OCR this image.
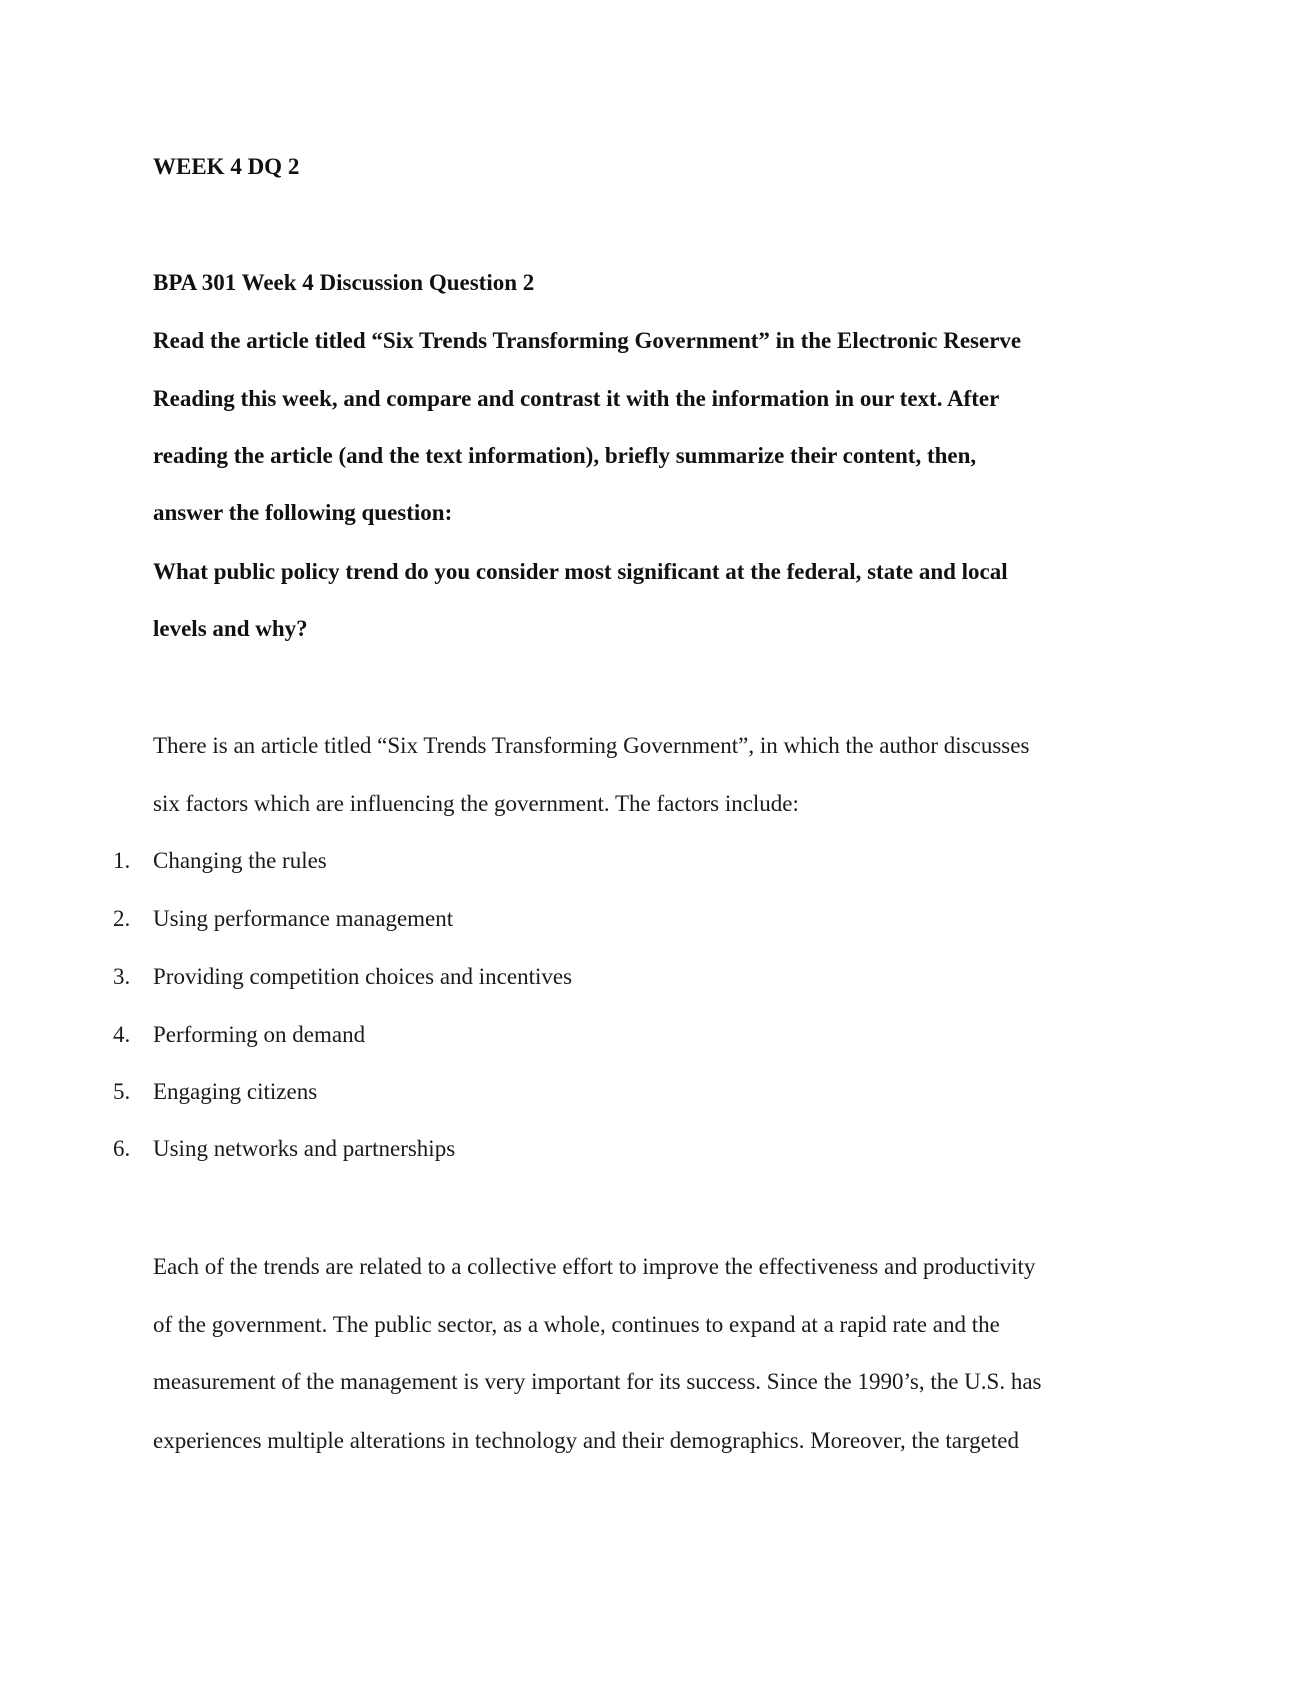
WEEK 4 DQ 2
BPA 301 Week 4 Discussion Question 2
Read the article titled “Six Trends Transforming Government” in the Electronic Reserve
Reading this week, and compare and contrast it with the information in our text. After
reading the article (and the text information), briefly summarize their content, then,
answer the following question:
What public policy trend do you consider most significant at the federal, state and local
levels and why?
There is an article titled “Six Trends Transforming Government”, in which the author discusses
six factors which are influencing the government. The factors include:
1. Changing the rules
2. Using performance management
3. Providing competition choices and incentives
4. Performing on demand
5. Engaging citizens
6. Using networks and partnerships
Each of the trends are related to a collective effort to improve the effectiveness and productivity
of the government. The public sector, as a whole, continues to expand at a rapid rate and the
measurement of the management is very important for its success. Since the 1990’s, the U.S. has
experiences multiple alterations in technology and their demographics. Moreover, the targeted
